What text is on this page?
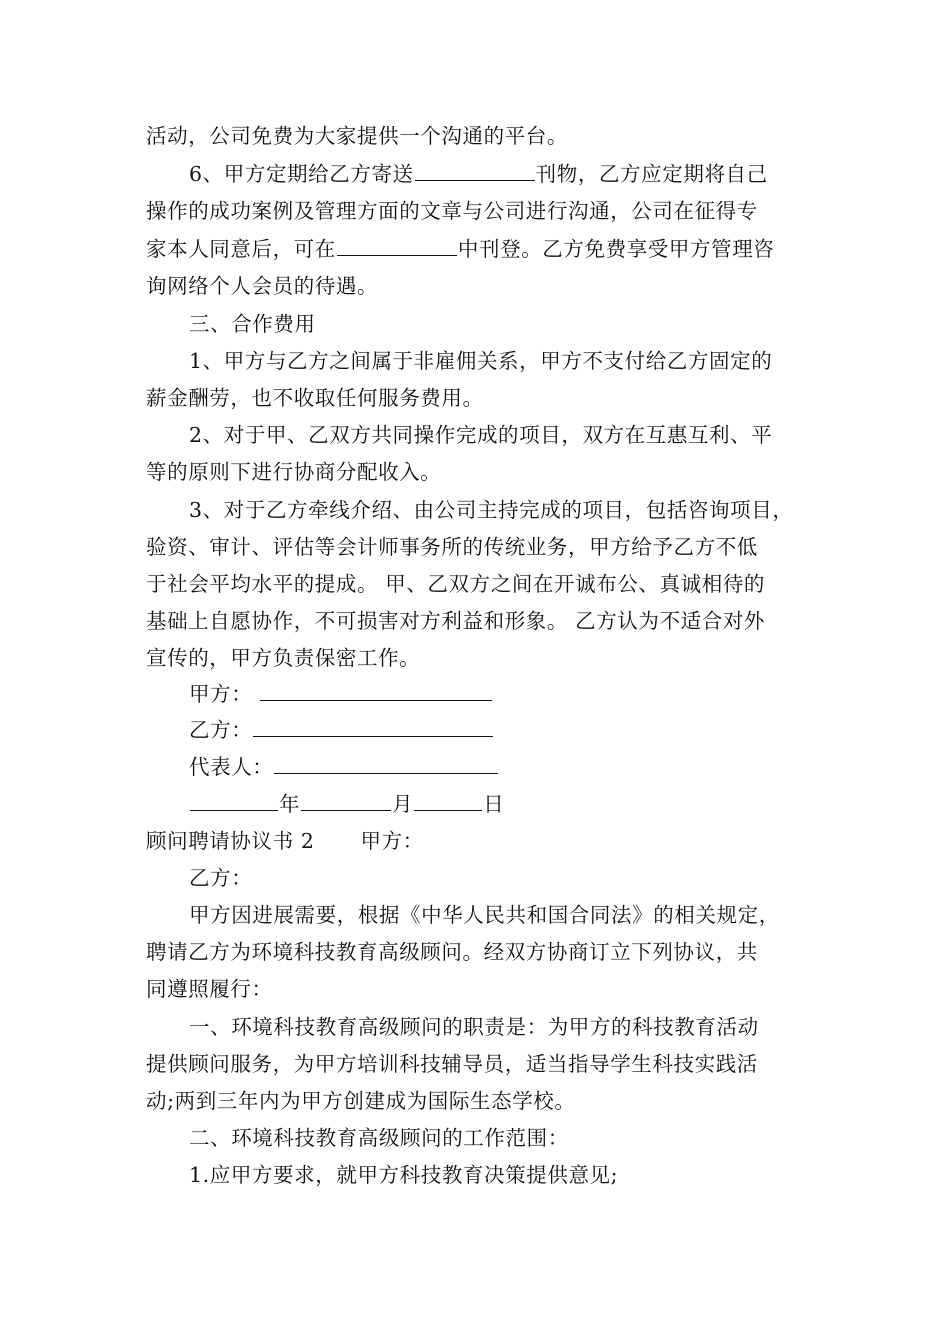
活动，公司免费为大家提供一个沟通的平台。
6、甲方定期给乙方寄送	刊物，乙方应定期将自己
操作的成功案例及管理方面的文章与公司进行沟通，公司在征得专
家本人同意后，可在	中刊登。乙方免费享受甲方管理咨
询网络个人会员的待遇。
三、合作费用
1、甲方与乙方之间属于非雇佣关系，甲方不支付给乙方固定的
薪金酬劳，也不收取任何服务费用。
2、对于甲、乙双方共同操作完成的项目，双方在互惠互利、平
等的原则下进行协商分配收入。
3、对于乙方牵线介绍、由公司主持完成的项目，包括咨询项目，
验资、审计、评估等会计师事务所的传统业务，甲方给予乙方不低
于社会平均水平的提成。 甲、乙双方之间在开诚布公、真诚相待的
基础上自愿协作，不可损害对方利益和形象。 乙方认为不适合对外
宣传的，甲方负责保密工作。
甲方：
乙方：
代表人：
年	月	日
顾问聘请协议书 2 甲方：
乙方：
甲方因进展需要，根据《中华人民共和国合同法》的相关规定，
聘请乙方为环境科技教育高级顾问。经双方协商订立下列协议，共
同遵照履行：
一、环境科技教育高级顾问的职责是：为甲方的科技教育活动
提供顾问服务，为甲方培训科技辅导员，适当指导学生科技实践活
动;两到三年内为甲方创建成为国际生态学校。
二、环境科技教育高级顾问的工作范围：
1.应甲方要求，就甲方科技教育决策提供意见;
